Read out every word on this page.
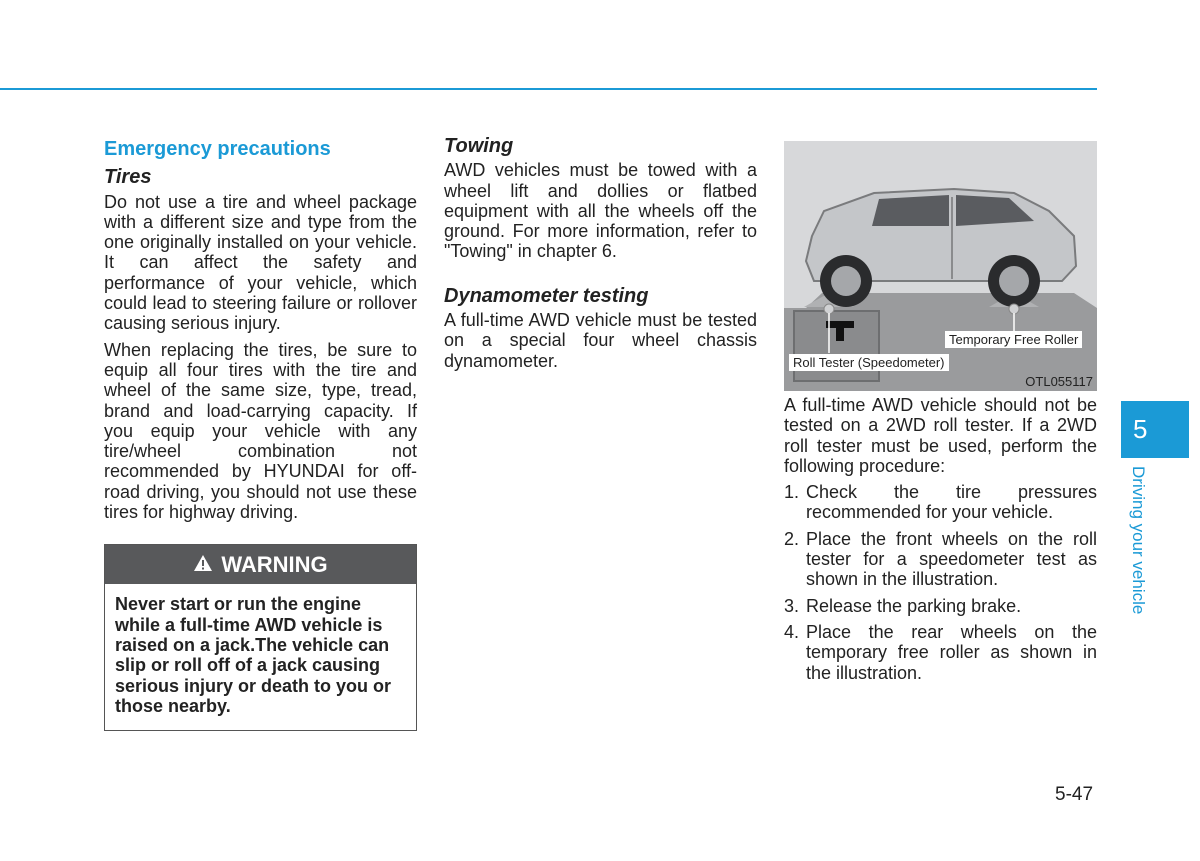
Emergency precautions
Tires

Do not use a tire and wheel package with a different size and type from the one originally installed on your vehicle. It can affect the safety and performance of your vehicle, which could lead to steering failure or rollover causing serious injury.

When replacing the tires, be sure to equip all four tires with the tire and wheel of the same size, type, tread, brand and load-carrying capacity. If you equip your vehicle with any tire/wheel combination not recommended by HYUNDAI for off-road driving, you should not use these tires for highway driving.

WARNING
Never start or run the engine while a full-time AWD vehicle is raised on a jack.The vehicle can slip or roll off of a jack causing serious injury or death to you or those nearby.
Towing

AWD vehicles must be towed with a wheel lift and dollies or flatbed equipment with all the wheels off the ground. For more information, refer to "Towing" in chapter 6.

Dynamometer testing

A full-time AWD vehicle must be tested on a special four wheel chassis dynamometer.

Temporary Free Roller
Roll Tester (Speedometer)
OTL055117

A full-time AWD vehicle should not be tested on a 2WD roll tester. If a 2WD roll tester must be used, perform the following procedure:

1. Check the tire pressures recommended for your vehicle.
2. Place the front wheels on the roll tester for a speedometer test as shown in the illustration.
3. Release the parking brake.
4. Place the rear wheels on the temporary free roller as shown in the illustration.
5
Driving your vehicle
5-47
